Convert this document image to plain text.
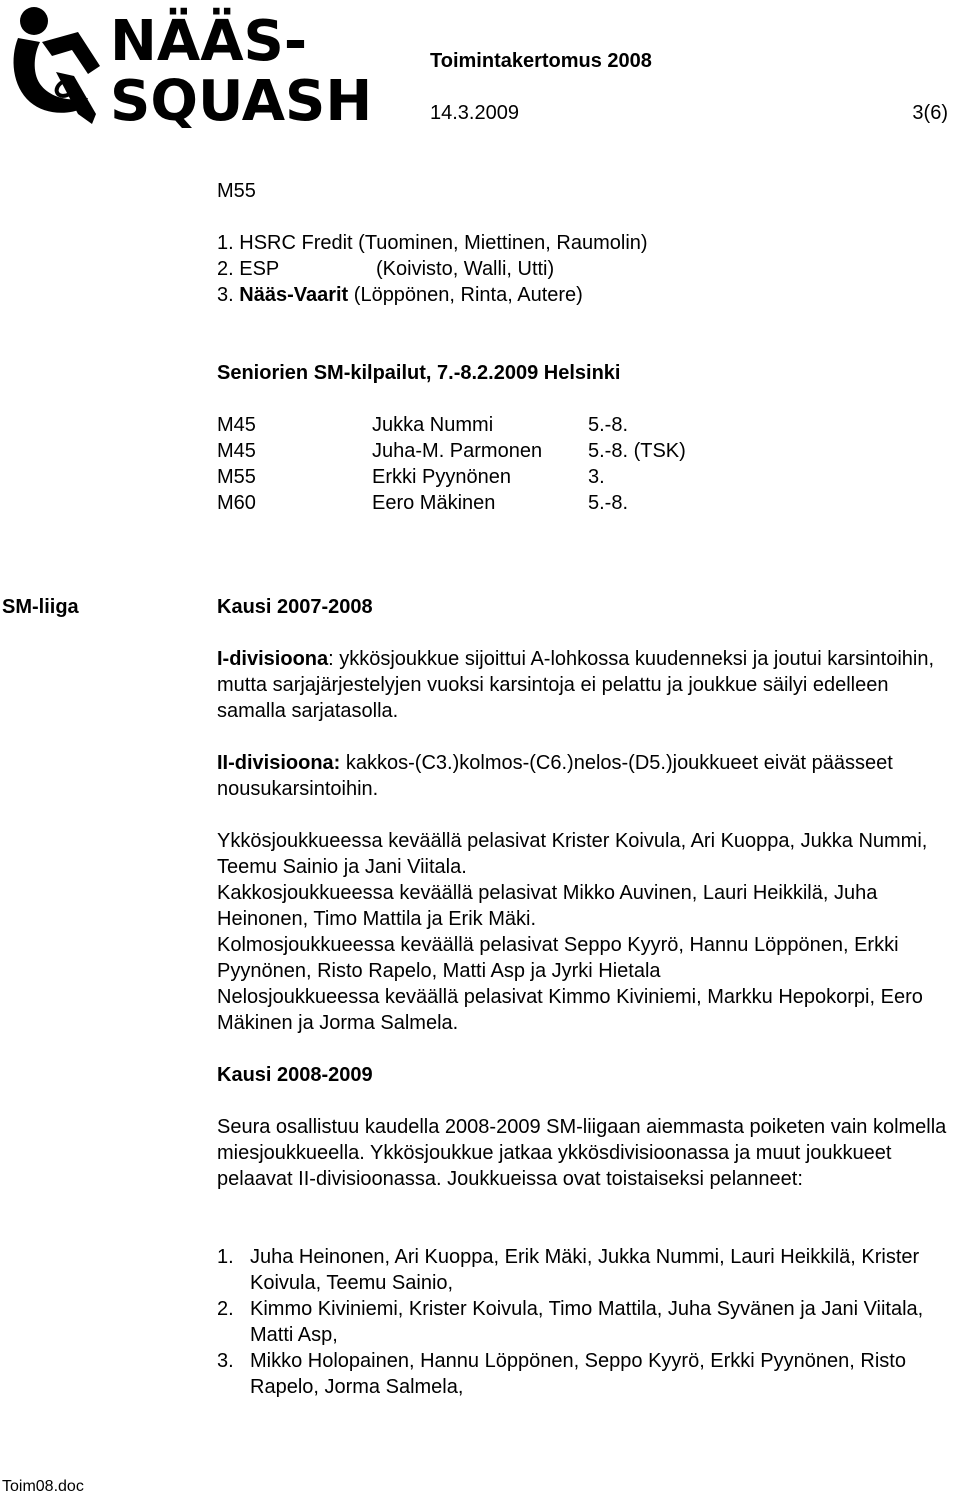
NÄÄS-
SQUASH
Toimintakertomus 2008
14.3.2009	3(6)
M55
1. HSRC Fredit (Tuominen, Miettinen, Raumolin)
2. ESP	(Koivisto, Walli, Utti)
3. Nääs-Vaarit (Löppönen, Rinta, Autere)
Seniorien SM-kilpailut, 7.-8.2.2009 Helsinki
M45	Jukka Nummi	5.-8.
M45	Juha-M. Parmonen 5.-8. (TSK)
M55	Erkki Pyynönen	3.
M60	Eero Mäkinen	5.-8.
SM-liiga	Kausi 2007-2008
I-divisioona: ykkösjoukkue sijoittui A-lohkossa kuudenneksi ja joutui karsintoihin, mutta sarjajärjestelyjen vuoksi karsintoja ei pelattu ja joukkue säilyi edelleen samalla sarjatasolla.
II-divisioona: kakkos-(C3.)kolmos-(C6.)nelos-(D5.)joukkueet eivät päässeet nousukarsintoihin.
Ykkösjoukkueessa keväällä pelasivat Krister Koivula, Ari Kuoppa, Jukka Nummi, Teemu Sainio ja Jani Viitala.
Kakkosjoukkueessa keväällä pelasivat Mikko Auvinen, Lauri Heikkilä, Juha Heinonen, Timo Mattila ja Erik Mäki.
Kolmosjoukkueessa keväällä pelasivat Seppo Kyyrö, Hannu Löppönen, Erkki Pyynönen, Risto Rapelo, Matti Asp ja Jyrki Hietala
Nelosjoukkueessa keväällä pelasivat Kimmo Kiviniemi, Markku Hepokorpi, Eero Mäkinen ja Jorma Salmela.
Kausi 2008-2009
Seura osallistuu kaudella 2008-2009 SM-liigaan aiemmasta poiketen vain kolmella miesjoukkueella. Ykkösjoukkue jatkaa ykkösdivisioonassa ja muut joukkueet pelaavat II-divisioonassa. Joukkueissa ovat toistaiseksi pelanneet:
1. Juha Heinonen, Ari Kuoppa, Erik Mäki, Jukka Nummi, Lauri Heikkilä, Krister Koivula, Teemu Sainio,
2. Kimmo Kiviniemi, Krister Koivula, Timo Mattila, Juha Syvänen ja Jani Viitala, Matti Asp,
3. Mikko Holopainen, Hannu Löppönen, Seppo Kyyrö, Erkki Pyynönen, Risto Rapelo, Jorma Salmela,
Toim08.doc
